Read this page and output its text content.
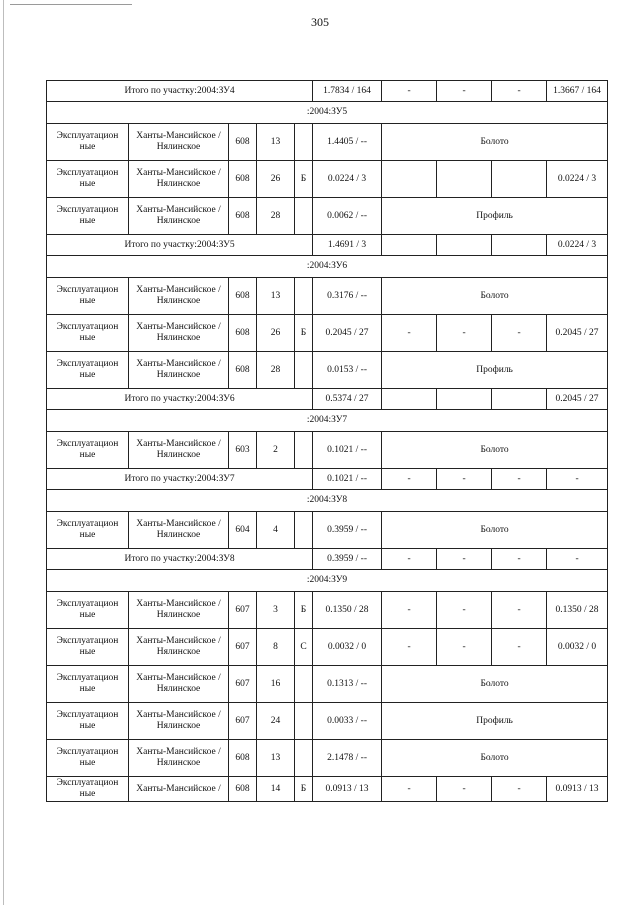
305
Итого по участку:2004:ЗУ4					1.7834 / 164	-	-	-	1.3667 / 164
:2004:ЗУ5									
Эксплуатацион ные	Ханты-Мансийское / Нялинское	608	13		1.4405 / --	Болото			
Эксплуатацион ные	Ханты-Мансийское / Нялинское	608	26	Б	0.0224 / 3				0.0224 / 3
Эксплуатацион ные	Ханты-Мансийское / Нялинское	608	28		0.0062 / --	Профиль			
Итого по участку:2004:ЗУ5					1.4691 / 3				0.0224 / 3
:2004:ЗУ6									
Эксплуатацион ные	Ханты-Мансийское / Нялинское	608	13		0.3176 / --	Болото			
Эксплуатацион ные	Ханты-Мансийское / Нялинское	608	26	Б	0.2045 / 27	-	-	-	0.2045 / 27
Эксплуатацион ные	Ханты-Мансийское / Нялинское	608	28		0.0153 / --	Профиль			
Итого по участку:2004:ЗУ6					0.5374 / 27				0.2045 / 27
:2004:ЗУ7									
Эксплуатацион ные	Ханты-Мансийское / Нялинское	603	2		0.1021 / --	Болото			
Итого по участку:2004:ЗУ7					0.1021 / --	-	-	-	-
:2004:ЗУ8									
Эксплуатацион ные	Ханты-Мансийское / Нялинское	604	4		0.3959 / --	Болото			
Итого по участку:2004:ЗУ8					0.3959 / --	-	-	-	-
:2004:ЗУ9									
Эксплуатацион ные	Ханты-Мансийское / Нялинское	607	3	Б	0.1350 / 28	-	-	-	0.1350 / 28
Эксплуатацион ные	Ханты-Мансийское / Нялинское	607	8	С	0.0032 / 0	-	-	-	0.0032 / 0
Эксплуатацион ные	Ханты-Мансийское / Нялинское	607	16		0.1313 / --	Болото			
Эксплуатацион ные	Ханты-Мансийское / Нялинское	607	24		0.0033 / --	Профиль			
Эксплуатацион ные	Ханты-Мансийское / Нялинское	608	13		2.1478 / --	Болото			
Эксплуатацион ные	Ханты-Мансийское /	608	14	Б	0.0913 / 13	-	-	-	0.0913 / 13
